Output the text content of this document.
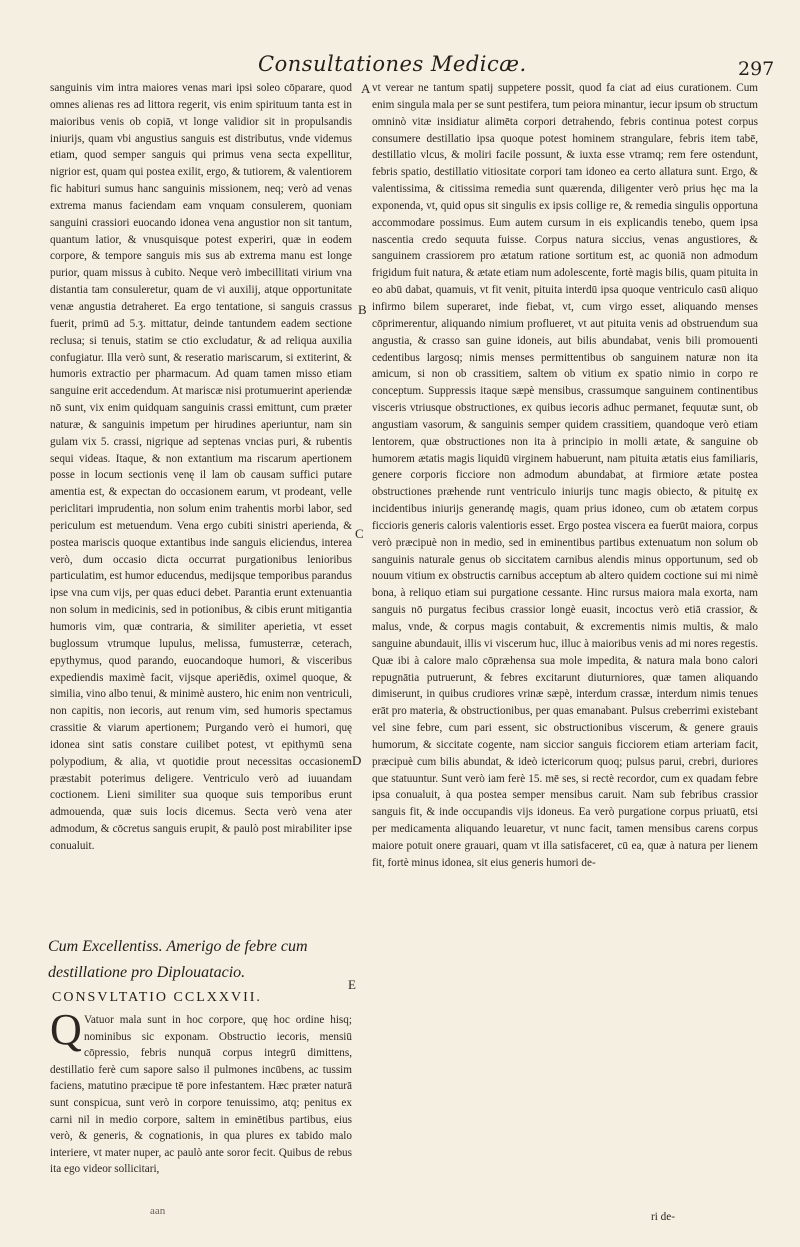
Consultationes Medicæ.	297

sanguinis vim intra maiores venas mari ipsi soleo cōparare, quod omnes alienas res ad littora regerit, vis enim spirituum tanta est in maioribus venis ob copiā, vt longe validior sit in propulsandis iniurijs, quam vbi angustius sanguis est distributus, vnde videmus etiam, quod semper sanguis qui primus vena secta expellitur, nigrior est, quam qui postea exilit, ergo, & tutiorem, & valentiorem fic habituri sumus hanc sanguinis missionem, neq; verò ad venas extrema manus faciendam eam vnquam consulerem, quoniam sanguini crassiori euocando idonea vena angustior non sit tantum, quantum latior, & vnusquisque potest experiri, quæ in eodem corpore, & tempore sanguis mis sus ab extrema manu est longe purior, quam missus à cubito. Neque verò imbecillitati virium vna distantia tam consuleretur, quam de vi auxilij, atque opportunitate venæ angustia detraheret. Ea ergo tentatione, si sanguis crassus fuerit, primū ad 5.ʒ. mittatur, deinde tantundem eadem sectione reclusa; si tenuis, statim se ctio excludatur, & ad reliqua auxilia confugiatur. Illa verò sunt, & reseratio mariscarum, si extiterint, & humoris extractio per pharmacum. Ad quam tamen misso etiam sanguine erit accedendum. At mariscæ nisi protumuerint aperiendæ nō sunt, vix enim quidquam sanguinis crassi emittunt, cum præter naturæ, & sanguinis impetum per hirudines aperiuntur, nam sin gulam vix 5. crassi, nigrique ad septenas vncias puri, & rubentis sequi videas. Itaque, & non extantium ma riscarum apertionem posse in locum sectionis venę il lam ob causam suffici putare amentia est, & expectan do occasionem earum, vt prodeant, velle periclitari imprudentia, non solum enim trahentis morbi labor, sed periculum est metuendum. Vena ergo cubiti sinistri aperienda, & postea mariscis quoque extantibus inde sanguis eliciendus, interea verò, dum occasio dicta occurrat purgationibus lenioribus particulatim, est humor educendus, medijsque temporibus parandus ipse vna cum vijs, per quas educi debet. Parantia erunt extenuantia non solum in medicinis, sed in potionibus, & cibis erunt mitigantia humoris vim, quæ contraria, & similiter aperietia, vt esset buglossum vtrumque lupulus, melissa, fumusterræ, ceterach, epythymus, quod parando, euocandoque humori, & visceribus expediendis maximè facit, vijsque aperiēdis, oximel quoque, & similia, vino albo tenui, & minimè austero, hic enim non ventriculi, non capitis, non iecoris, aut renum vim, sed humoris spectamus crassitie & viarum apertionem; Purgando verò ei humori, quę idonea sint satis constare cuilibet potest, vt epithymū sena polypodium, & alia, vt quotidie prout necessitas occasionem præstabit poterimus deligere. Ventriculo verò ad iuuandam coctionem. Lieni similiter sua quoque suis temporibus erunt admouenda, quæ suis locis dicemus. Secta verò vena ater admodum, & cōcretus sanguis erupit, & paulò post mirabiliter ipse conualuit.

A
B
C
D
E
Cum Excellentiss. Amerigo de febre cum destillatione pro Diplouatacio.
CONSVLTATIO CCLXXVII.
Q Vatuor mala sunt in hoc corpore, quę hoc ordine hisq; nominibus sic exponam. Obstructio iecoris, mensiū cōpressio, febris nunquā corpus integrū dimittens, destillatio ferè cum sapore salso il pulmones incūbens, ac tussim faciens, matutino præcipue tē pore infestantem. Hæc præter naturā sunt conspicua, sunt verò in corpore tenuissimo, atq; penitus ex carni nil in medio corpore, saltem in eminētibus partibus, eius verò, & generis, & cognationis, in qua plures ex tabido malo interiere, vt mater nuper, ac paulò ante soror fecit. Quibus de rebus ita ego videor sollicitari,

vt verear ne tantum spatij suppetere possit, quod fa ciat ad eius curationem. Cum enim singula mala per se sunt pestifera, tum peiora minantur, iecur ipsum ob structum omninò vitæ insidiatur alimēta corpori detrahendo, febris continua potest corpus consumere destillatio ipsa quoque potest hominem strangulare, febris item tabē, destillatio vlcus, & moliri facile possunt, & iuxta esse vtramq; rem fere ostendunt, febris spatio, destillatio vitiositate corpori tam idoneo ea certo allatura sunt. Ergo, & valentissima, & citissima remedia sunt quærenda, diligenter verò prius hęc ma la exponenda, vt, quid opus sit singulis ex ipsis collige re, & remedia singulis opportuna accommodare possimus. Eum autem cursum in eis explicandis tenebo, quem ipsa nascentia credo sequuta fuisse. Corpus natura siccius, venas angustiores, & sanguinem crassiorem pro ætatum ratione sortitum est, ac quoniā non admodum frigidum fuit natura, & ætate etiam num adolescente, fortè magis bilis, quam pituita in eo abū dabat, quamuis, vt fit venit, pituita interdū ipsa quoque ventriculo casū aliquo infirmo bilem superaret, inde fiebat, vt, cum virgo esset, aliquando menses cōprimerentur, aliquando nimium proflueret, vt aut pituita venis ad obstruendum sua angustia, & crasso san guine idoneis, aut bilis abundabat, venis bili promouenti cedentibus largosq; nimis menses permittentibus ob sanguinem naturæ non ita amicum, si non ob crassitiem, saltem ob vitium ex spatio nimio in corpo re conceptum. Suppressis itaque sæpè mensibus, crassumque sanguinem continentibus visceris vtriusque obstructiones, ex quibus iecoris adhuc permanet, fequutæ sunt, ob angustiam vasorum, & sanguinis semper quidem crassitiem, quandoque verò etiam lentorem, quæ obstructiones non ita à principio in molli ætate, & sanguine ob humorem ætatis magis liquidū virginem habuerunt, nam pituita ætatis eius familiaris, genere corporis ficciore non admodum abundabat, at firmiore ætate postea obstructiones præhende runt ventriculo iniurijs tunc magis obiecto, & pituitę ex incidentibus iniurijs generandę magis, quam prius idoneo, cum ob ætatem corpus ficcioris generis caloris valentioris esset. Ergo postea viscera ea fuerūt maiora, corpus verò præcipuè non in medio, sed in eminentibus partibus extenuatum non solum ob sanguinis naturale genus ob siccitatem carnibus alendis minus opportunum, sed ob nouum vitium ex obstructis carnibus acceptum ab altero quidem coctione sui mi nimè bona, à reliquo etiam sui purgatione cessante. Hinc rursus maiora mala exorta, nam sanguis nō purgatus fecibus crassior longè euasit, incoctus verò etiā crassior, & malus, vnde, & corpus magis contabuit, & excrementis nimis multis, & malo sanguine abundauit, illis vi viscerum huc, illuc à maioribus venis ad mi nores regestis. Quæ ibi à calore malo cōpræhensa sua mole impedita, & natura mala bono calori repugnātia putruerunt, & febres excitarunt diuturniores, quæ tamen aliquando dimiserunt, in quibus crudiores vrinæ sæpè, interdum crassæ, interdum nimis tenues erāt pro materia, & obstructionibus, per quas emanabant. Pulsus creberrimi existebant vel sine febre, cum pari essent, sic obstructionibus viscerum, & genere grauis humorum, & siccitate cogente, nam siccior sanguis ficciorem etiam arteriam facit, præcipuè cum bilis abundat, & ideò ictericorum quoq; pulsus parui, crebri, duriores que statuuntur. Sunt verò iam ferè 15. mē ses, si rectè recordor, cum ex quadam febre ipsa conualuit, à qua postea semper mensibus caruit. Nam sub febribus crassior sanguis fit, & inde occupandis vijs idoneus. Ea verò purgatione corpus priuatū, etsi per medicamenta aliquando leuaretur, vt nunc facit, tamen mensibus carens corpus maiore potuit onere grauari, quam vt illa satisfaceret, cū ea, quæ à natura per lienem fit, fortè minus idonea, sit eius generis humori de-

aan	ri de-
